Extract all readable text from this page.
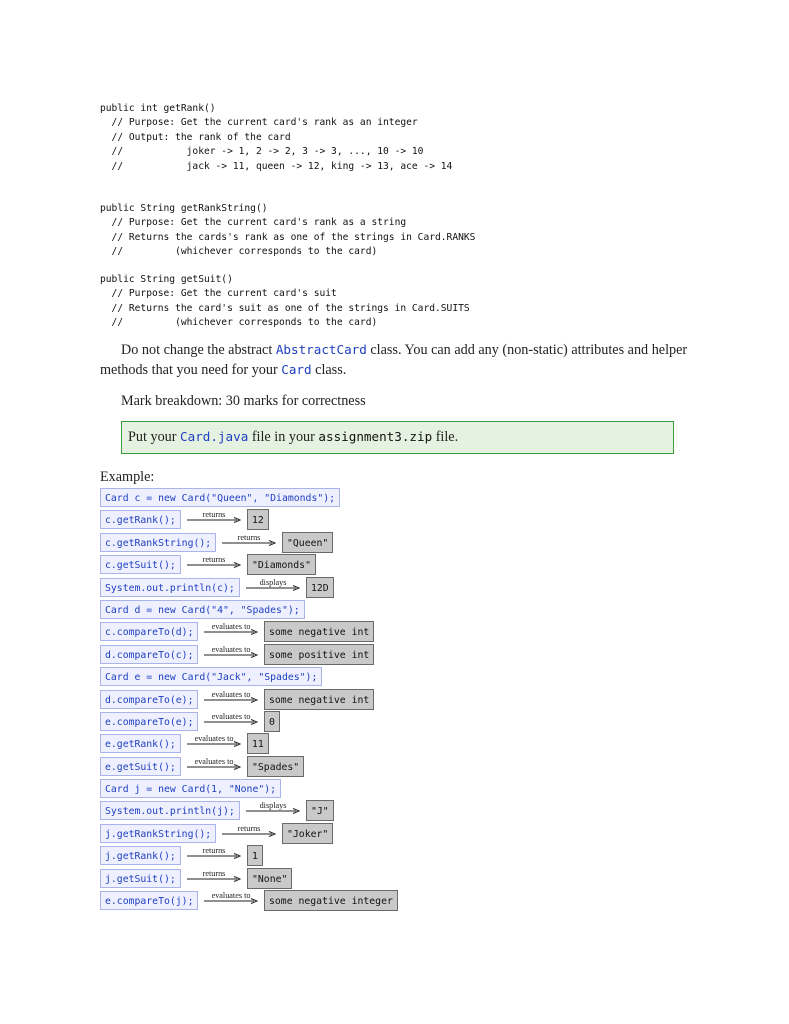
public int getRank()
// Purpose: Get the current card's rank as an integer
// Output: the rank of the card
//           joker -> 1, 2 -> 2, 3 -> 3, ..., 10 -> 10
//           jack -> 11, queen -> 12, king -> 13, ace -> 14
public String getRankString()
// Purpose: Get the current card's rank as a string
// Returns the cards's rank as one of the strings in Card.RANKS
//         (whichever corresponds to the card)
public String getSuit()
// Purpose: Get the current card's suit
// Returns the card's suit as one of the strings in Card.SUITS
//         (whichever corresponds to the card)

Do not change the abstract AbstractCard class. You can add any (non-static) attributes and helper methods that you need for your Card class.

Mark breakdown: 30 marks for correctness

Put your Card.java file in your assignment3.zip file.
Example:
Card c = new Card("Queen", "Diamonds");
c.getRank();
returns
12
c.getRankString();
returns
"Queen"
c.getSuit();
returns
"Diamonds"
System.out.println(c);
displays
12D
Card d = new Card("4", "Spades");
c.compareTo(d);
evaluates to
some negative int
d.compareTo(c);
evaluates to
some positive int
Card e = new Card("Jack", "Spades");
d.compareTo(e);
evaluates to
some negative int
e.compareTo(e);
evaluates to
0
e.getRank();
evaluates to
11
e.getSuit();
evaluates to
"Spades"
Card j = new Card(1, "None");
System.out.println(j);
displays
"J"
j.getRankString();
returns
"Joker"
j.getRank();
returns
1
j.getSuit();
returns
"None"
e.compareTo(j);
evaluates to
some negative integer
